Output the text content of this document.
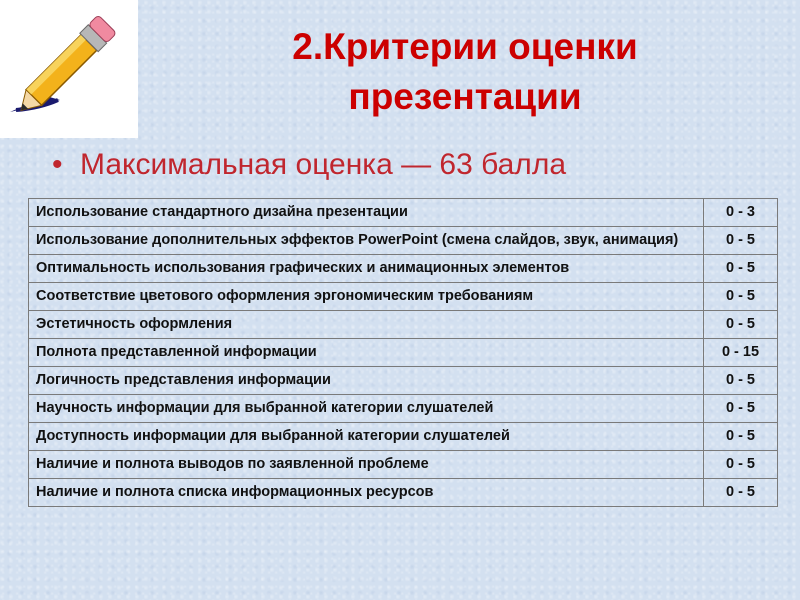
2.Критерии оценки
презентации

• Максимальная оценка — 63 балла

Использование стандартного дизайна презентации	0 - 3
Использование дополнительных эффектов PowerPoint (смена слайдов, звук, анимация)	0 - 5
Оптимальность использования графических и анимационных элементов	0 - 5
Соответствие цветового оформления эргономическим требованиям	0 - 5
Эстетичность оформления	0 - 5
Полнота представленной информации	0 - 15
Логичность представления информации	0 - 5
Научность информации для выбранной категории слушателей	0 - 5
Доступность информации для выбранной категории слушателей	0 - 5
Наличие и полнота выводов по заявленной проблеме	0 - 5
Наличие и полнота списка информационных ресурсов	0 - 5
